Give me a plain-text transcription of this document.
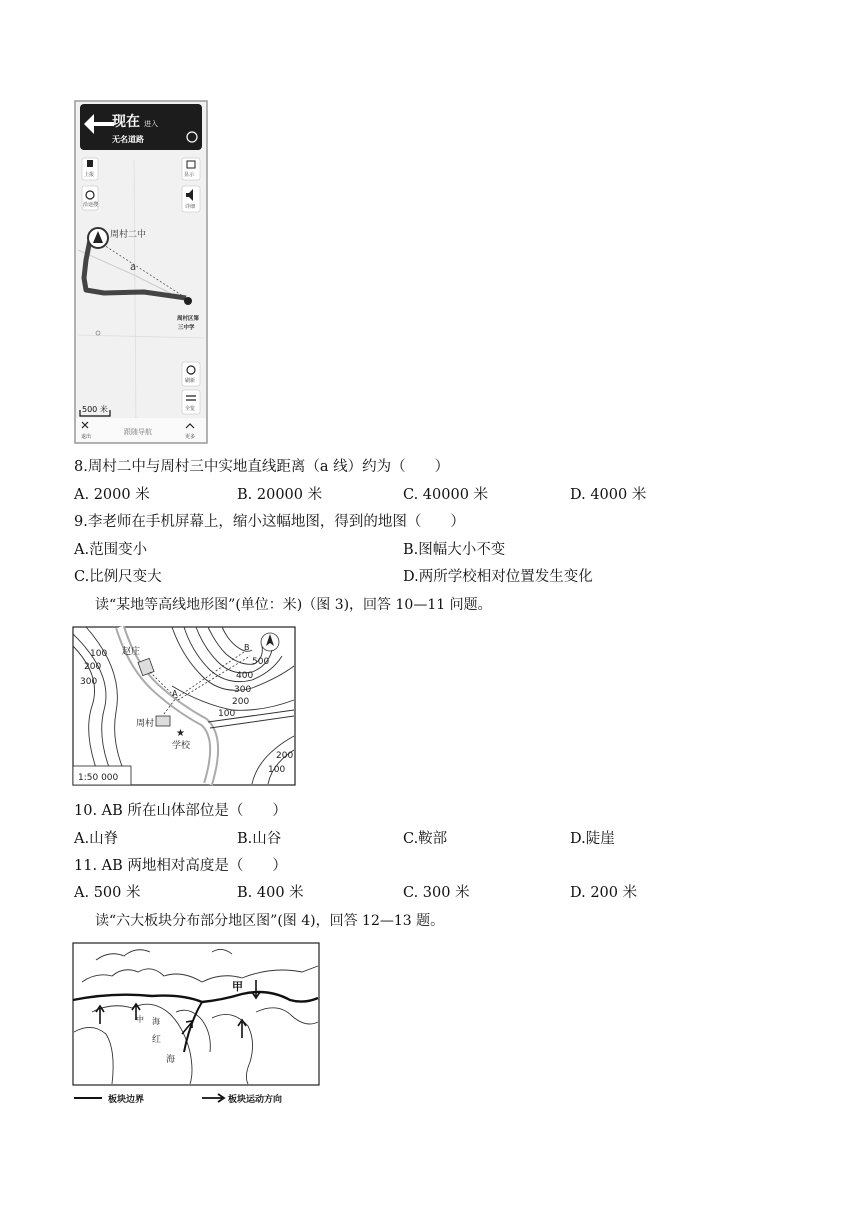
现在 进入
无名道路
上报
沿途搜
显示
详细
周村二中
a
周村区第
三中学
刷新
全览
500 米
退出
跟随导航
更多
8.周村二中与周村三中实地直线距离（a 线）约为（　　）
A. 2000 米	B. 20000 米	C. 40000 米	D. 4000 米
9.李老师在手机屏幕上，缩小这幅地图，得到的地图（　　）
A.范围变小	B.图幅大小不变
C.比例尺变大	D.两所学校相对位置发生变化
读“某地等高线地形图”(单位：米)（图 3)，回答 10—11 问题。
100
200
300
500
400
300
200
100
200
100
赵庄
周村
★
学校
A
B
1:50 000
10. AB 所在山体部位是（　　）
A.山脊	B.山谷	C.鞍部	D.陡崖
11. AB 两地相对高度是（　　）
A. 500 米	B. 400 米	C. 300 米	D. 200 米
读“六大板块分布部分地区图”(图 4)，回答 12—13 题。
甲
中 海
红
海
板块边界	板块运动方向
